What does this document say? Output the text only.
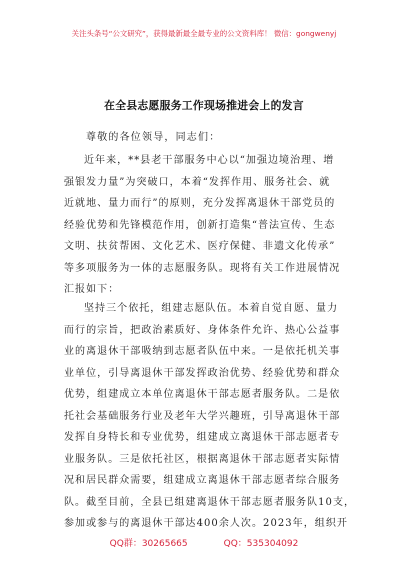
关注头条号“公文研究”，获得最新最全最专业的公文资料库！ 微信：gongwenyj
在全县志愿服务工作现场推进会上的发言
尊敬的各位领导，同志们：
近年来，**县老干部服务中心以“加强边境治理、增
强银发力量”为突破口，本着“发挥作用、服务社会、就
近就地、量力而行”的原则，充分发挥离退休干部党员的
经验优势和先锋模范作用，创新打造集“普法宣传、生态
文明、扶贫帮困、文化艺术、医疗保健、非遗文化传承”
等多项服务为一体的志愿服务队。现将有关工作进展情况
汇报如下：
坚持三个依托，组建志愿队伍。本着自觉自愿、量力
而行的宗旨，把政治素质好、身体条件允许、热心公益事
业的离退休干部吸纳到志愿者队伍中来。一是依托机关事
业单位，引导离退休干部发挥政治优势、经验优势和群众
优势，组建成立本单位离退休干部志愿者服务队。二是依
托社会基础服务行业及老年大学兴趣班，引导离退休干部
发挥自身特长和专业优势，组建成立离退休干部志愿者专
业服务队。三是依托社区，根据离退休干部志愿者实际情
况和居民群众需要，组建成立离退休干部志愿者综合服务
队。截至目前，全县已组建离退休干部志愿者服务队10支，
参加或参与的离退休干部达400余人次。2023年，组织开
QQ群：30265665	QQ：535304092
